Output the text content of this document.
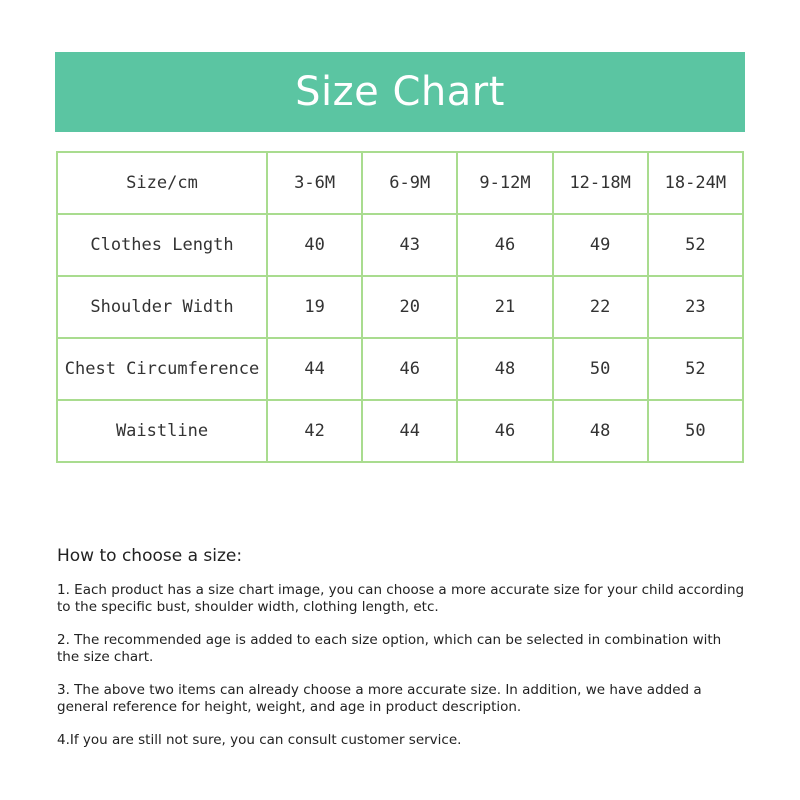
Size Chart
Size/cm	3-6M	6-9M	9-12M	12-18M	18-24M
Clothes Length	40	43	46	49	52
Shoulder Width	19	20	21	22	23
Chest Circumference	44	46	48	50	52
Waistline	42	44	46	48	50

How to choose a size:

1. Each product has a size chart image, you can choose a more accurate size for your child according to the specific bust, shoulder width, clothing length, etc.

2. The recommended age is added to each size option, which can be selected in combination with the size chart.

3. The above two items can already choose a more accurate size. In addition, we have added a general reference for height, weight, and age in product description.

4.If you are still not sure, you can consult customer service.
